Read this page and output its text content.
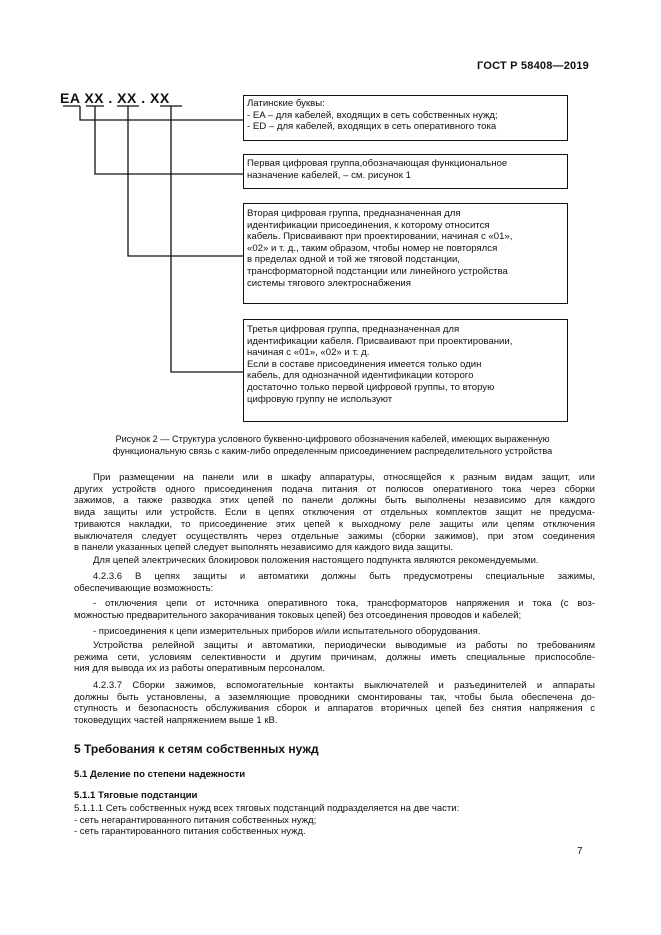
ГОСТ Р 58408—2019
EA XX . XX . XX	Латинские буквы:
- EA – для кабелей, входящих в сеть собственных нужд;
- ED – для кабелей, входящих в сеть оперативного тока
Первая цифровая группа,обозначающая функциональное
назначение кабелей, – см. рисунок 1
Вторая цифровая группа, предназначенная для
идентификации присоединения, к которому относится
кабель. Присваивают при проектировании, начиная с «01»,
«02» и т. д., таким образом, чтобы номер не повторялся
в пределах одной и той же тяговой подстанции,
трансформаторной подстанции или линейного устройства
системы тягового электроснабжения
Третья цифровая группа, предназначенная для
идентификации кабеля. Присваивают при проектировании,
начиная с «01», «02» и т. д.
Если в составе присоединения имеется только один
кабель, для однозначной идентификации которого
достаточно только первой цифровой группы, то вторую
цифровую группу не используют
Рисунок 2 — Структура условного буквенно-цифрового обозначения кабелей, имеющих выраженную
функциональную связь с каким-либо определенным присоединением распределительного устройства
При размещении на панели или в шкафу аппаратуры, относящейся к разным видам защит, или
других устройств одного присоединения подача питания от полюсов оперативного тока через сборки
зажимов, а также разводка этих цепей по панели должны быть выполнены независимо для каждого
вида защиты или устройств. Если в цепях отключения от отдельных комплектов защит не предусма-
триваются накладки, то присоединение этих цепей к выходному реле защиты или цепям отключения
выключателя следует осуществлять через отдельные зажимы (сборки зажимов), при этом соединения
в панели указанных цепей следует выполнять независимо для каждого вида защиты.
Для цепей электрических блокировок положения настоящего подпункта являются рекомендуемыми.
4.2.3.6 В цепях защиты и автоматики должны быть предусмотрены специальные зажимы,
обеспечивающие возможность:
- отключения цепи от источника оперативного тока, трансформаторов напряжения и тока (с воз-
можностью предварительного закорачивания токовых цепей) без отсоединения проводов и кабелей;
- присоединения к цепи измерительных приборов и/или испытательного оборудования.
Устройства релейной защиты и автоматики, периодически выводимые из работы по требованиям
режима сети, условиям селективности и другим причинам, должны иметь специальные приспособле-
ния для вывода их из работы оперативным персоналом.
4.2.3.7 Сборки зажимов, вспомогательные контакты выключателей и разъединителей и аппараты
должны быть установлены, а заземляющие проводники смонтированы так, чтобы была обеспечена до-
ступность и безопасность обслуживания сборок и аппаратов вторичных цепей без снятия напряжения с
токоведущих частей напряжением выше 1 кВ.
5 Требования к сетям собственных нужд
5.1 Деление по степени надежности
5.1.1 Тяговые подстанции
5.1.1.1 Сеть собственных нужд всех тяговых подстанций подразделяется на две части:
- сеть негарантированного питания собственных нужд;
- сеть гарантированного питания собственных нужд.
7
